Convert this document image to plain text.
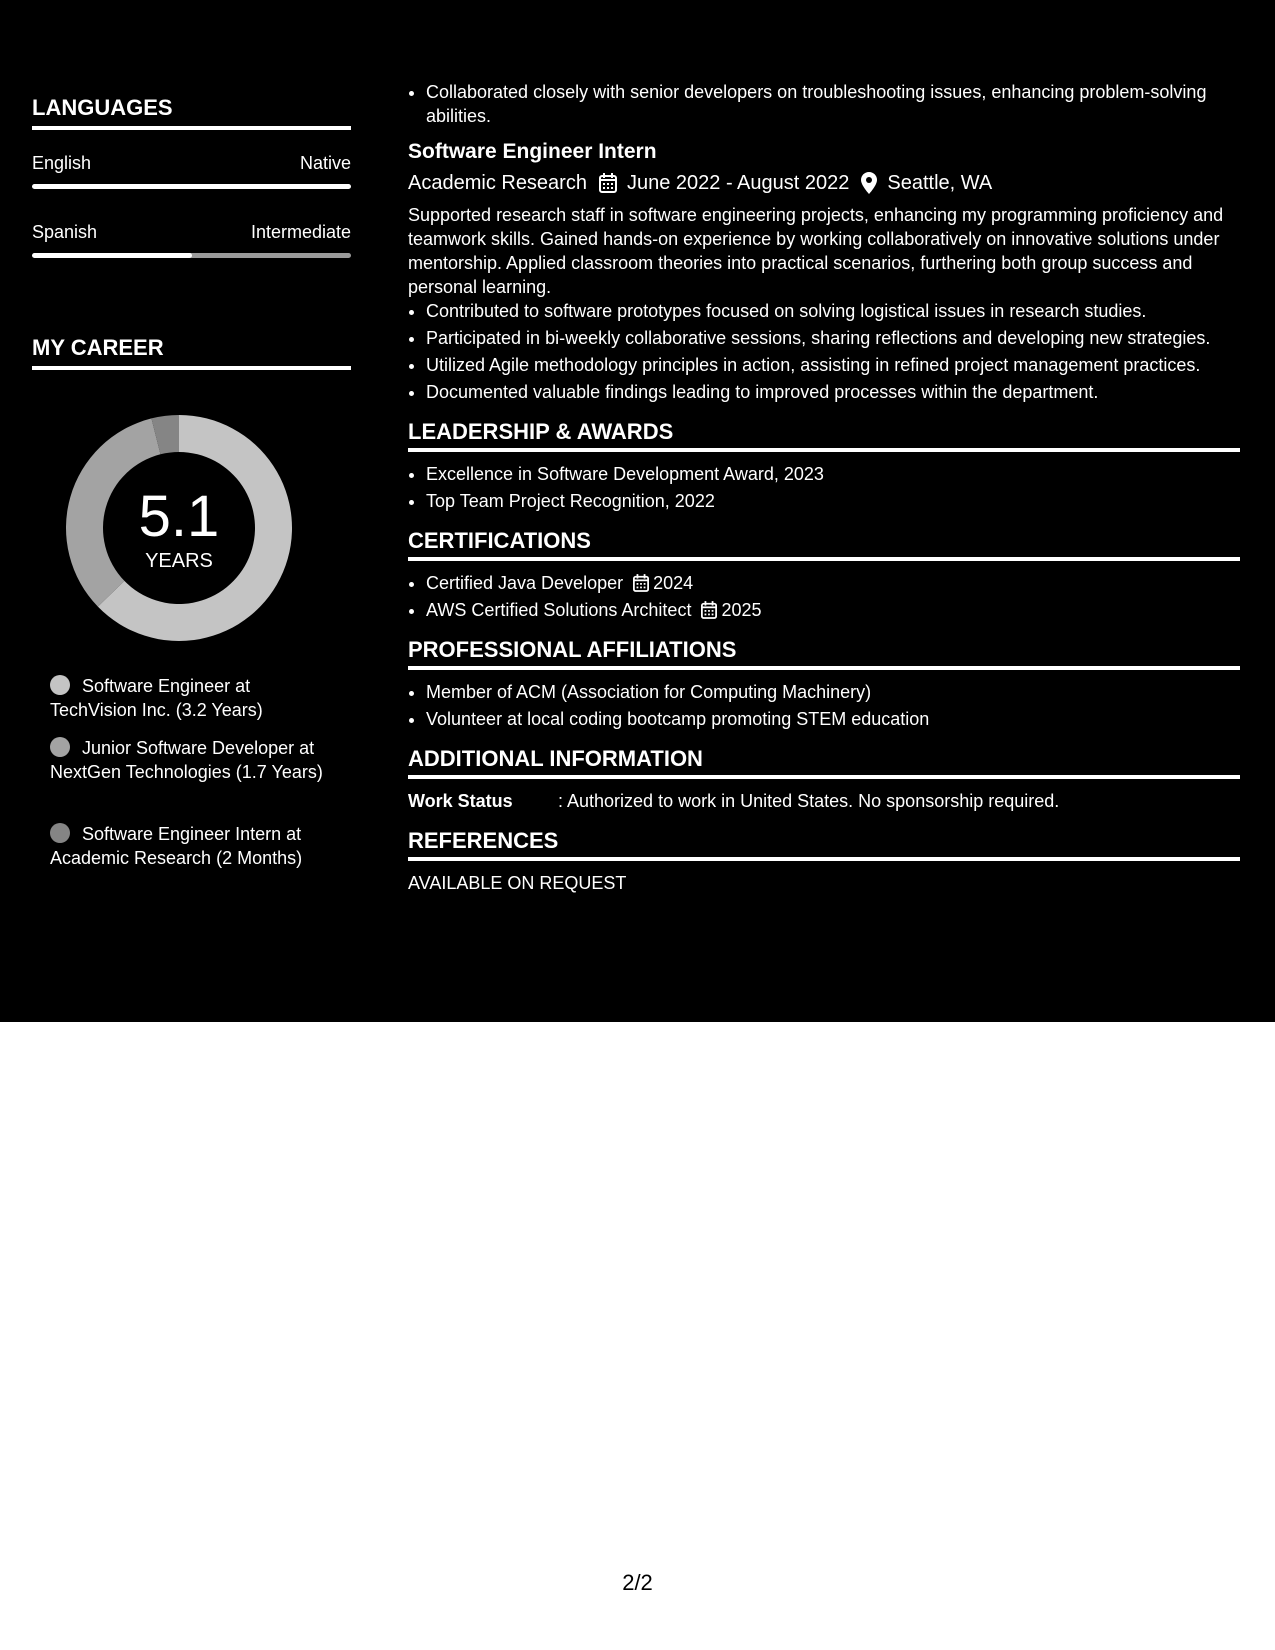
LANGUAGES
English	Native
Spanish	Intermediate
MY CAREER
5.1
YEARS
Software Engineer at TechVision Inc. (3.2 Years)
Junior Software Developer at NextGen Technologies (1.7 Years)
Software Engineer Intern at Academic Research (2 Months)
• Collaborated closely with senior developers on troubleshooting issues, enhancing problem-solving abilities.
Software Engineer Intern
Academic Research June 2022 - August 2022 Seattle, WA
Supported research staff in software engineering projects, enhancing my programming proficiency and teamwork skills. Gained hands-on experience by working collaboratively on innovative solutions under mentorship. Applied classroom theories into practical scenarios, furthering both group success and personal learning.
• Contributed to software prototypes focused on solving logistical issues in research studies.
• Participated in bi-weekly collaborative sessions, sharing reflections and developing new strategies.
• Utilized Agile methodology principles in action, assisting in refined project management practices.
• Documented valuable findings leading to improved processes within the department.
LEADERSHIP & AWARDS
• Excellence in Software Development Award, 2023
• Top Team Project Recognition, 2022
CERTIFICATIONS
• Certified Java Developer 2024
• AWS Certified Solutions Architect 2025
PROFESSIONAL AFFILIATIONS
• Member of ACM (Association for Computing Machinery)
• Volunteer at local coding bootcamp promoting STEM education
ADDITIONAL INFORMATION
Work Status	: Authorized to work in United States. No sponsorship required.
REFERENCES
AVAILABLE ON REQUEST
2/2
